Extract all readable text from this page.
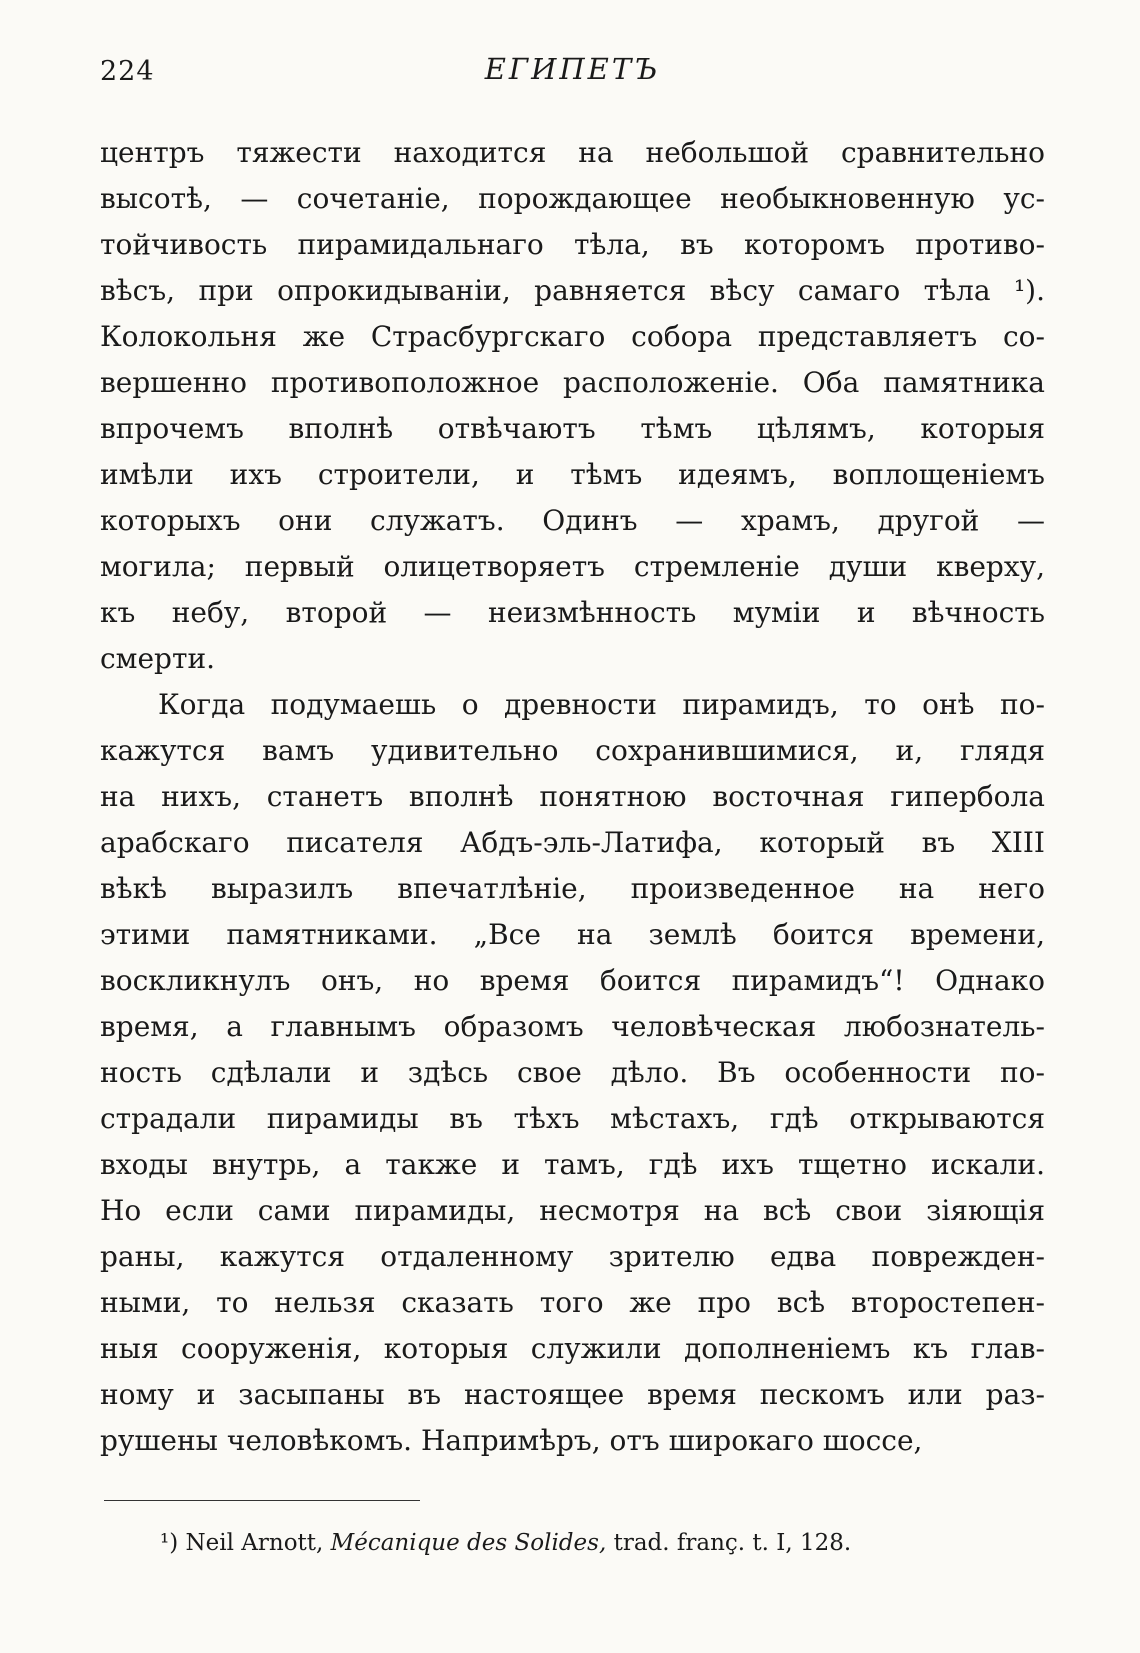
224	ЕГИПЕТЪ
центръ тяжести находится на небольшой сравнительно
высотѣ, — сочетаніе, порождающее необыкновенную ус-
тойчивость пирамидальнаго тѣла, въ которомъ противо-
вѣсъ, при опрокидываніи, равняется вѣсу самаго тѣла ¹).
Колокольня же Страсбургскаго собора представляетъ со-
вершенно противоположное расположеніе. Оба памятника
впрочемъ вполнѣ отвѣчаютъ тѣмъ цѣлямъ, которыя
имѣли ихъ строители, и тѣмъ идеямъ, воплощеніемъ
которыхъ они служатъ. Одинъ — храмъ, другой —
могила; первый олицетворяетъ стремленіе души кверху,
къ небу, второй — неизмѣнность муміи и вѣчность
смерти.
Когда подумаешь о древности пирамидъ, то онѣ по-
кажутся вамъ удивительно сохранившимися, и, глядя
на нихъ, станетъ вполнѣ понятною восточная гипербола
арабскаго писателя Абдъ-эль-Латифа, который въ XIII
вѣкѣ выразилъ впечатлѣніе, произведенное на него
этими памятниками. „Все на землѣ боится времени,
воскликнулъ онъ, но время боится пирамидъ“! Однако
время, а главнымъ образомъ человѣческая любознатель-
ность сдѣлали и здѣсь свое дѣло. Въ особенности по-
страдали пирамиды въ тѣхъ мѣстахъ, гдѣ открываются
входы внутрь, а также и тамъ, гдѣ ихъ тщетно искали.
Но если сами пирамиды, несмотря на всѣ свои зіяющія
раны, кажутся отдаленному зрителю едва поврежден-
ными, то нельзя сказать того же про всѣ второстепен-
ныя сооруженія, которыя служили дополненіемъ къ глав-
ному и засыпаны въ настоящее время пескомъ или раз-
рушены человѣкомъ. Напримѣръ, отъ широкаго шоссе,
¹) Neil Arnott, Mécanique des Solides, trad. franç. t. I, 128.
